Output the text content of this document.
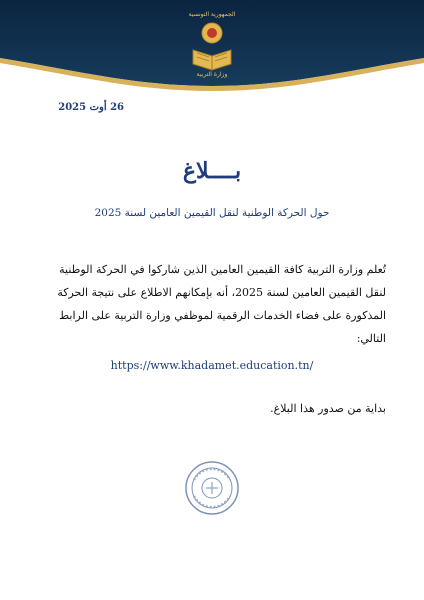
الجمهورية التونسية
وزارة التربية
26 أوت 2025
بــــلاغ
حول الحركة الوطنية لنقل القيمين العامين لسنة 2025
تُعلم وزارة التربية كافة القيمين العامين الذين شاركوا في الحركة الوطنية لنقل القيمين العامين لسنة 2025، أنه بإمكانهم الاطلاع على نتيجة الحركة المذكورة على فضاء الخدمات الرقمية لموظفي وزارة التربية على الرابط التالي:
https://www.khadamet.education.tn/
بداية من صدور هذا البلاغ.
